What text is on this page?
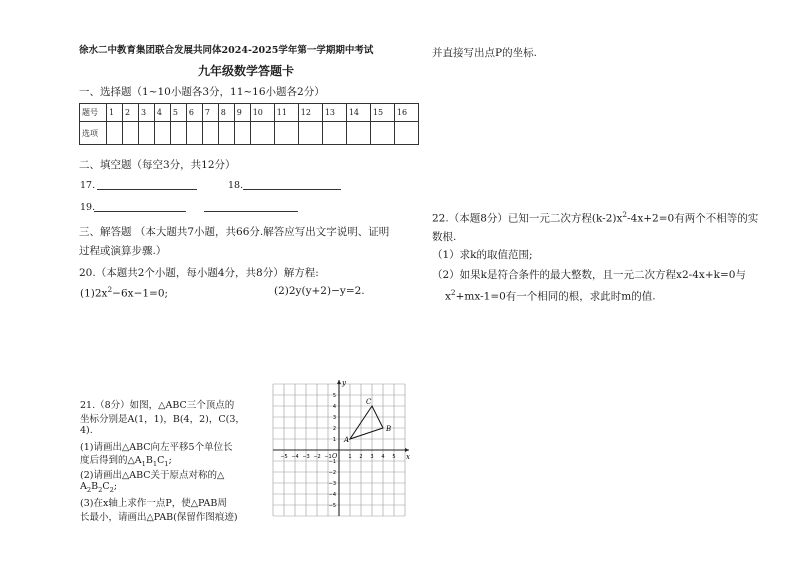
徐水二中教育集团联合发展共同体2024-2025学年第一学期期中考试
九年级数学答题卡
一、选择题（1~10小题各3分，11~16小题各2分）
题号	1	2	3	4	5	6	7	8	9	10	11	12	13	14	15	16
选项																
二、填空题（每空3分，共12分）
17.	18.
19.
三、解答题 （本大题共7小题，共66分.解答应写出文字说明、证明
过程或演算步骤.）
20.（本题共2个小题，每小题4分，共8分）解方程:
$(1)2x^2-6x-1=0$;	(2)2y(y+2)−y=2.
21.（8分）如图，△ABC三个顶点的
坐标分别是A(1，1)，B(4，2)，C(3，
4).
(1)请画出△ABC向左平移5个单位长
度后得到的$\triangle A_1B_1C_1$;
(2)请画出△ABC关于原点对称的△
$A_2B_2C_2$;
(3)在x轴上求作一点P，使△PAB周
长最小，请画出△PAB(保留作图痕迹)
x
y
O
−5 −4 −3 −2 −1	1 2 3 4 5
5
4
3
2
1
−1
−2
−3
−4
−5
A
B
C
并直接写出点P的坐标.
22.（本题8分）已知一元二次方程$(k-2)x^2-4x+2=0$有两个不相等的实
数根.
（1）求k的取值范围;
（2）如果k是符合条件的最大整数，且一元二次方程x2-4x+k=0与
$x^2+mx-1=0$有一个相同的根，求此时m的值.
